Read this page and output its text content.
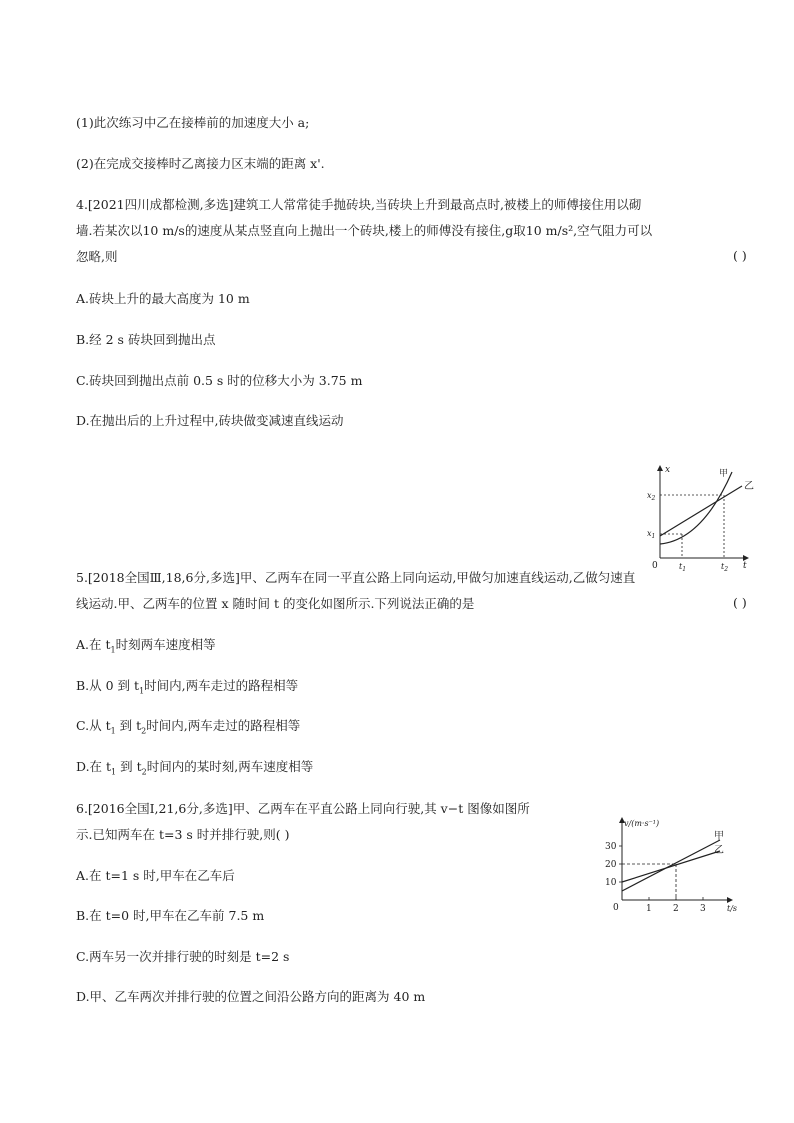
(1)此次练习中乙在接棒前的加速度大小 a;
(2)在完成交接棒时乙离接力区末端的距离 x'.
4.[2021四川成都检测,多选]建筑工人常常徒手抛砖块,当砖块上升到最高点时,被楼上的师傅接住用以砌
墙.若某次以10 m/s的速度从某点竖直向上抛出一个砖块,楼上的师傅没有接住,g取10 m/s²,空气阻力可以
忽略,则	( )
A.砖块上升的最大高度为 10 m
B.经 2 s 砖块回到抛出点
C.砖块回到抛出点前 0.5 s 时的位移大小为 3.75 m
D.在抛出后的上升过程中,砖块做变减速直线运动
x
t
0
$x_1$
$x_2$
$t_1$	$t_2$
甲
乙
5.[2018全国Ⅲ,18,6分,多选]甲、乙两车在同一平直公路上同向运动,甲做匀加速直线运动,乙做匀速直
线运动.甲、乙两车的位置 x 随时间 t 的变化如图所示.下列说法正确的是	( )
A.在 $t_1$时刻两车速度相等
B.从 0 到 $t_1$时间内,两车走过的路程相等
C.从 $t_1$ 到 $t_2$时间内,两车走过的路程相等
D.在 $t_1$ 到 $t_2$时间内的某时刻,两车速度相等
6.[2016全国Ⅰ,21,6分,多选]甲、乙两车在平直公路上同向行驶,其 v−t 图像如图所
示.已知两车在 t=3 s 时并排行驶,则( )
v/(m·s⁻¹)
t/s
0
10
20
30
1 2 3
甲
乙
A.在 t=1 s 时,甲车在乙车后
B.在 t=0 时,甲车在乙车前 7.5 m
C.两车另一次并排行驶的时刻是 t=2 s
D.甲、乙车两次并排行驶的位置之间沿公路方向的距离为 40 m
